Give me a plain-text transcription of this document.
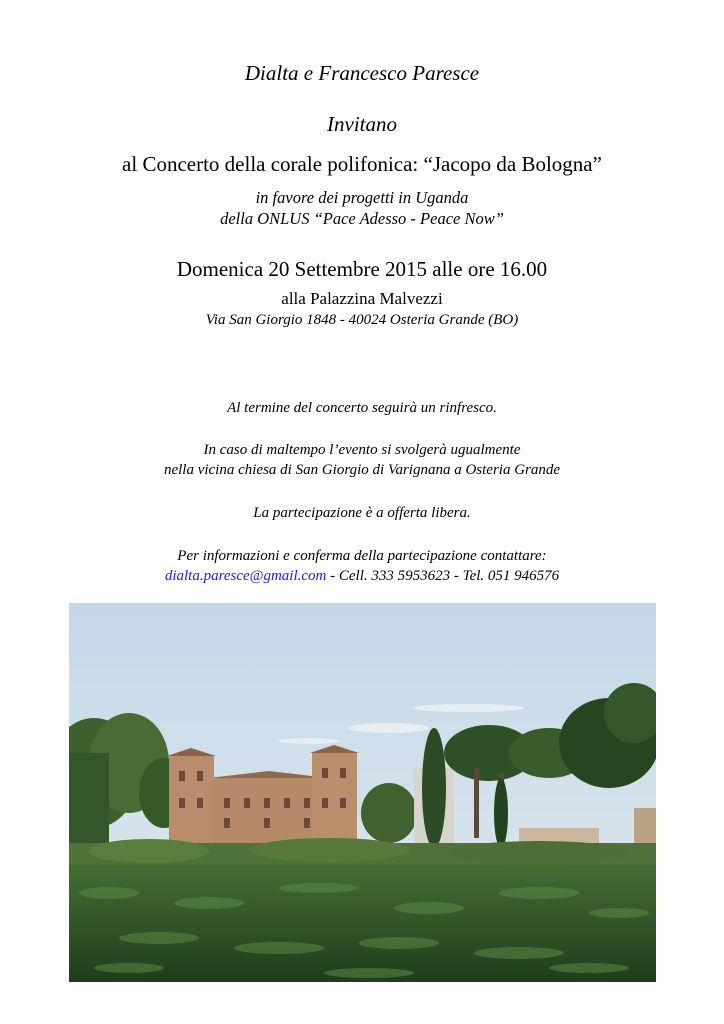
Dialta e Francesco Paresce
Invitano
al Concerto della corale polifonica: “Jacopo da Bologna”
in favore dei progetti in Uganda
della ONLUS “Pace Adesso - Peace Now”
Domenica 20 Settembre 2015 alle ore 16.00
alla Palazzina Malvezzi
Via San Giorgio 1848 - 40024 Osteria Grande (BO)
Al termine del concerto seguirà un rinfresco.
In caso di maltempo l’evento si svolgerà ugualmente
nella vicina chiesa di San Giorgio di Varignana a Osteria Grande
La partecipazione è a offerta libera.
Per informazioni e conferma della partecipazione contattare:
dialta.paresce@gmail.com - Cell. 333 5953623 - Tel. 051 946576
